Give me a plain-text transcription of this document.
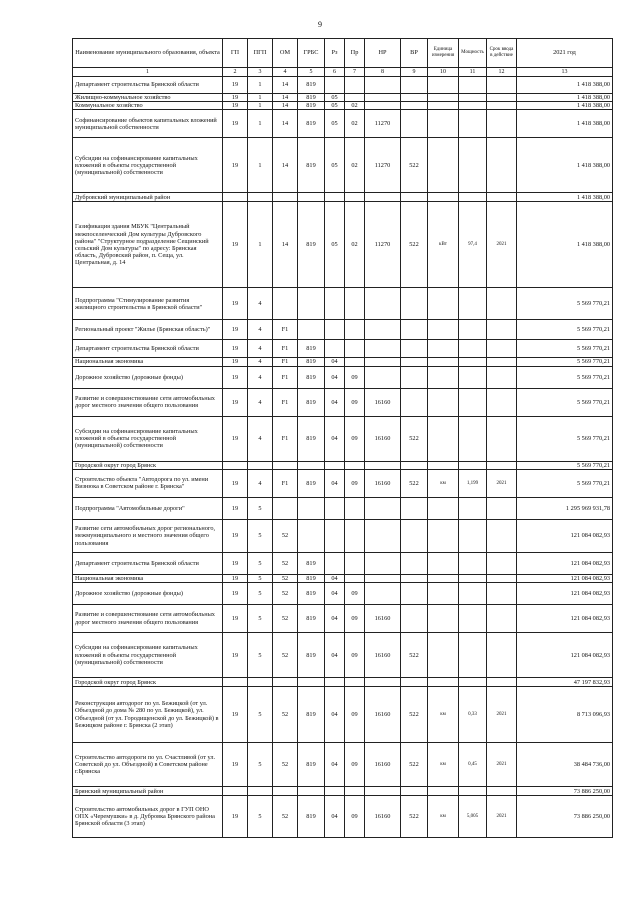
9
Наименование муниципального образования, объекта	ГП	ПГП	ОМ	ГРБС	Рз	Пр	НР	ВР	Единица измерения	Мощность	Срок ввода в действие	2021 год
1	2	3	4	5	6	7	8	9	10	11	12	13
Департамент строительства Брянской области	19	1	14	819								1 418 388,00
Жилищно-коммунальное хозяйство	19	1	14	819	05							1 418 388,00
Коммунальное хозяйство	19	1	14	819	05	02						1 418 388,00
Софинансирование объектов капитальных вложений муниципальной собственности	19	1	14	819	05	02	11270					1 418 388,00
Субсидии на софинансирование капитальных вложений в объекты государственной (муниципальной) собственности	19	1	14	819	05	02	11270	522				1 418 388,00
Дубровский муниципальный район												1 418 388,00
Газификация здания МБУК "Центральный межпоселенческий Дом культуры Дубровского района" "Структурное подразделение Сещинский сельский Дом культуры" по адресу: Брянская область, Дубровский район, п. Сеща, ул. Центральная, д. 14	19	1	14	819	05	02	11270	522	кВт	97,4	2021	1 418 388,00
Подпрограмма "Стимулирование развития жилищного строительства в Брянской области"	19	4										5 569 770,21
Региональный проект "Жилье (Брянская область)"	19	4	F1									5 569 770,21
Департамент строительства Брянской области	19	4	F1	819								5 569 770,21
Национальная экономика	19	4	F1	819	04							5 569 770,21
Дорожное хозяйство (дорожные фонды)	19	4	F1	819	04	09						5 569 770,21
Развитие и совершенствование сети автомобильных дорог местного значения общего пользования	19	4	F1	819	04	09	16160					5 569 770,21
Субсидии на софинансирование капитальных вложений в объекты государственной (муниципальной) собственности	19	4	F1	819	04	09	16160	522				5 569 770,21
Городской округ город Брянск												5 569 770,21
Строительство объекта "Автодорога по ул. имени Визнюка в Советском районе г. Брянска"	19	4	F1	819	04	09	16160	522	км	1,199	2021	5 569 770,21
Подпрограмма "Автомобильные дороги"	19	5										1 295 969 931,78
Развитие сети автомобильных дорог регионального, межмуниципального и местного значения общего пользования	19	5	52									121 084 082,93
Департамент строительства Брянской области	19	5	52	819								121 084 082,93
Национальная экономика	19	5	52	819	04							121 084 082,93
Дорожное хозяйство (дорожные фонды)	19	5	52	819	04	09						121 084 082,93
Развитие и совершенствование сети автомобильных дорог местного значения общего пользования	19	5	52	819	04	09	16160					121 084 082,93
Субсидии на софинансирование капитальных вложений в объекты государственной (муниципальной) собственности	19	5	52	819	04	09	16160	522				121 084 082,93
Городской округ город Брянск												47 197 832,93
Реконструкция автодорог по ул. Бежицкой (от ул. Объездной до дома № 280 по ул. Бежицкой), ул. Объездной (от ул. Городищенской до ул. Бежицкой) в Бежицком районе г. Брянска (2 этап)	19	5	52	819	04	09	16160	522	км	0,33	2021	8 713 096,93
Строительство автодороги по ул. Счастливой (от ул. Советской до ул. Объездной) в Советском районе г.Брянска	19	5	52	819	04	09	16160	522	км	0,45	2021	38 484 736,00
Брянский муниципальный район												73 886 250,00
Строительство автомобильных дорог в ГУП ОНО ОПХ «Черемушки» в д. Дубровка Брянского района Брянской области (3 этап)	19	5	52	819	04	09	16160	522	км	5,005	2021	73 886 250,00
